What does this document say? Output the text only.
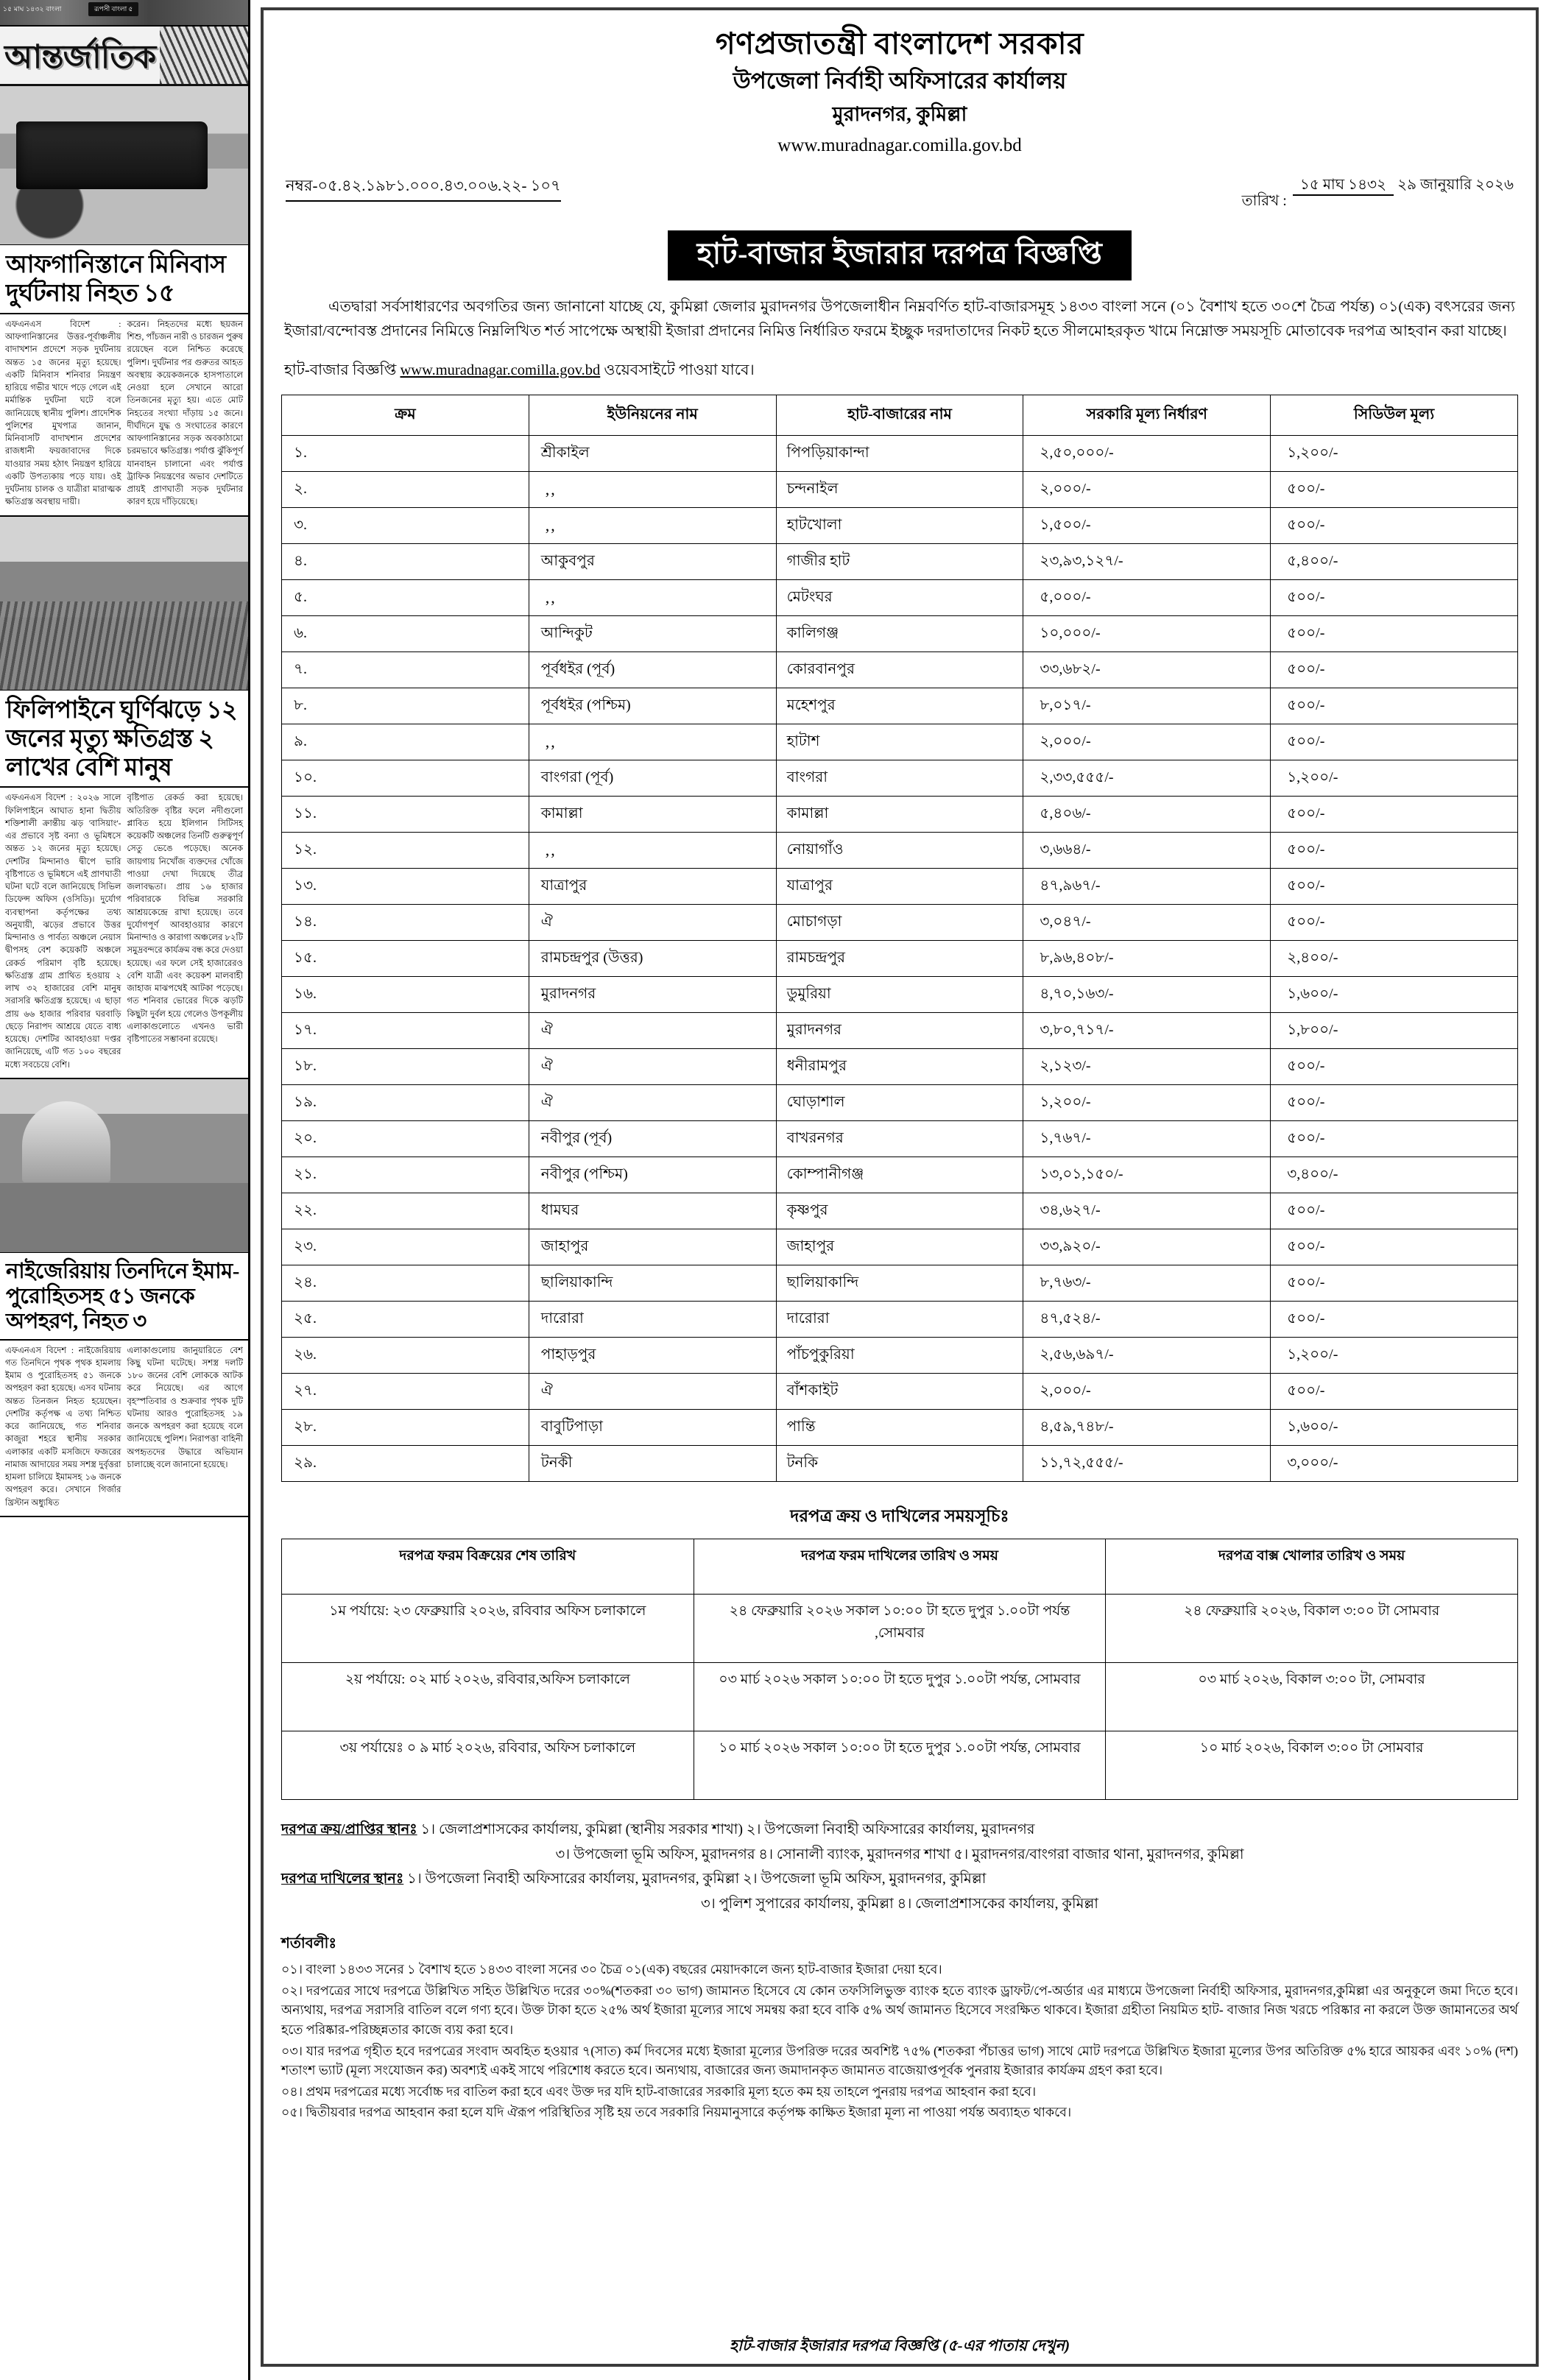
১৫ মাঘ ১৪৩২ বাংলা	রূপসী বাংলা ৫
আন্তর্জাতিক
আফগানিস্তানে মিনিবাস দুর্ঘটনায় নিহত ১৫
এফএনএস বিদেশ : আফগানিস্তানের উত্তর-পূর্বাঞ্চলীয় বাদাখশান প্রদেশে সড়ক দুর্ঘটনায় অন্তত ১৫ জনের মৃত্যু হয়েছে। একটি মিনিবাস শনিবার নিয়ন্ত্রণ হারিয়ে গভীর খাদে পড়ে গেলে এই মর্মান্তিক দুর্ঘটনা ঘটে বলে জানিয়েছে স্থানীয় পুলিশ। প্রাদেশিক পুলিশের মুখপাত্র জানান, মিনিবাসটি বাদাখশান প্রদেশের রাজধানী ফয়জাবাদের দিকে যাওয়ার সময় হঠাৎ নিয়ন্ত্রণ হারিয়ে একটি উপত্যকায় পড়ে যায়। ওই দুর্ঘটনায় চালক ও যাত্রীরা মারাত্মক ক্ষতিগ্রস্ত অবস্থায় দায়ী।
করেন। নিহতদের মধ্যে ছয়জন শিশু, পাঁচজন নারী ও চারজন পুরুষ রয়েছেন বলে নিশ্চিত করেছে পুলিশ। দুর্ঘটনার পর গুরুতর আহত অবস্থায় কয়েকজনকে হাসপাতালে নেওয়া হলে সেখানে আরো তিনজনের মৃত্যু হয়। এতে মোট নিহতের সংখ্যা দাঁড়ায় ১৫ জনে। দীর্ঘদিনে যুদ্ধ ও সংঘাতের কারণে আফগানিস্তানের সড়ক অবকাঠামো চরমভাবে ক্ষতিগ্রস্ত। পর্যাপ্ত ঝুঁকিপূর্ণ যানবাহন চালানো এবং পর্যাপ্ত ট্রাফিক নিয়ন্ত্রণের অভাব দেশটিতে প্রায়ই প্রাণঘাতী সড়ক দুর্ঘটনার কারণ হয়ে দাঁড়িয়েছে।
ফিলিপাইনে ঘূর্ণিঝড়ে ১২ জনের মৃত্যু ক্ষতিগ্রস্ত ২ লাখের বেশি মানুষ
এফএনএস বিদেশ : ২০২৬ সালে ফিলিপাইনে আঘাত হানা দ্বিতীয় শক্তিশালী ক্রান্তীয় ঝড় 'বাসিয়াং'-এর প্রভাবে সৃষ্ট বন্যা ও ভূমিধসে অন্তত ১২ জনের মৃত্যু হয়েছে। দেশটির মিন্দানাও দ্বীপে ভারি বৃষ্টিপাতে ও ভূমিধসে এই প্রাণঘাতী ঘটনা ঘটে বলে জানিয়েছে সিভিল ডিফেন্স অফিস (ওসিডি)। দুর্যোগ ব্যবস্থাপনা কর্তৃপক্ষের তথ্য অনুযায়ী, ঝড়ের প্রভাবে উত্তর মিন্দানাও ও পার্বত্য অঞ্চলে নেয়াস দ্বীপসহ বেশ কয়েকটি অঞ্চলে রেকর্ড পরিমাণ বৃষ্টি হয়েছে। ক্ষতিগ্রস্ত গ্রাম প্রাথিত হওয়ায় ২ লাখ ৩২ হাজারের বেশি মানুষ সরাসরি ক্ষতিগ্রস্ত হয়েছে। এ ছাড়া প্রায় ৬৬ হাজার পরিবার ঘরবাড়ি ছেড়ে নিরাপদ আশ্রয়ে যেতে বাধ্য হয়েছে। দেশটির আবহাওয়া দপ্তর জানিয়েছে, এটি গত ১০০ বছরের মধ্যে সবচেয়ে বেশি।
বৃষ্টিপাত রেকর্ড করা হয়েছে। অতিরিক্ত বৃষ্টির ফলে নদীগুলো প্লাবিত হয়ে ইলিগান সিটিসহ কয়েকটি অঞ্চলের তিনটি গুরুত্বপূর্ণ সেতু ভেঙে পড়েছে। অনেক জায়গায় নিখোঁজ ব্যক্তদের খোঁজে পাওয়া দেখা দিয়েছে তীব্র জলাবদ্ধতা। প্রায় ১৬ হাজার পরিবারকে বিভিন্ন সরকারি আশ্রয়কেন্দ্রে রাখা হয়েছে। তবে দুর্যোগপূর্ণ আবহাওয়ার কারণে মিনান্দাও ও কারাগা অঞ্চলের ৮২টি সমুদ্রবন্দরে কার্যক্রম বন্ধ করে দেওয়া হয়েছে। এর ফলে সেই হাজারেরও বেশি যাত্রী এবং কয়েকশ মালবাহী জাহাজ মাঝপথেই আটকা পড়েছে। গত শনিবার ভোরের দিকে ঝড়টি কিছুটা দুর্বল হয়ে গেলেও উপকূলীয় এলাকাগুলোতে এখনও ভারী বৃষ্টিপাতের সম্ভাবনা রয়েছে।
নাইজেরিয়ায় তিনদিনে ইমাম-পুরোহিতসহ ৫১ জনকে অপহরণ, নিহত ৩
এফএনএস বিদেশ : নাইজেরিয়ায় গত তিনদিনে পৃথক পৃথক হামলায় ইমাম ও পুরোহিতসহ ৫১ জনকে অপহরণ করা হয়েছে। এসব ঘটনায় অন্তত তিনজন নিহত হয়েছেন। দেশটির কর্তৃপক্ষ এ তথ্য নিশ্চিত করে জানিয়েছে, গত শনিবার কাজুরা শহরে স্থানীয় সরকার এলাকার একটি মসজিদে ফজরের নামাজ আদায়ের সময় সশস্ত্র দুর্বৃত্তরা হামলা চালিয়ে ইমামসহ ১৬ জনকে অপহরণ করে। সেখানে গির্জার খ্রিস্টান অধ্যুষিত
এলাকাগুলোয় জানুয়ারিতে বেশ কিছু ঘটনা ঘটেছে। সশস্ত্র দলটি ১৮০ জনের বেশি লোককে আটক করে নিয়েছে। এর আগে বৃহস্পতিবার ও শুক্রবার পৃথক দুটি ঘটনায় আরও পুরোহিতসহ ১৯ জনকে অপহরণ করা হয়েছে বলে জানিয়েছে পুলিশ। নিরাপত্তা বাহিনী অপহৃতদের উদ্ধারে অভিযান চালাচ্ছে বলে জানানো হয়েছে।
গণপ্রজাতন্ত্রী বাংলাদেশ সরকার
উপজেলা নির্বাহী অফিসারের কার্যালয়
মুরাদনগর, কুমিল্লা
www.muradnagar.comilla.gov.bd
নম্বর-০৫.৪২.১৯৮১.০০০.৪৩.০০৬.২২- ১০৭
তারিখ :
১৫ মাঘ ১৪৩২ ২৯ জানুয়ারি ২০২৬
হাট-বাজার ইজারার দরপত্র বিজ্ঞপ্তি
এতদ্বারা সর্বসাধারণের অবগতির জন্য জানানো যাচ্ছে যে, কুমিল্লা জেলার মুরাদনগর উপজেলাধীন নিম্নবর্ণিত হাট-বাজারসমূহ ১৪৩৩ বাংলা সনে (০১ বৈশাখ হতে ৩০শে চৈত্র পর্যন্ত) ০১(এক) বৎসরের জন্য ইজারা/বন্দোবস্ত প্রদানের নিমিত্তে নিম্নলিখিত শর্ত সাপেক্ষে অস্থায়ী ইজারা প্রদানের নিমিত্ত নির্ধারিত ফরমে ইচ্ছুক দরদাতাদের নিকট হতে সীলমোহরকৃত খামে নিম্নোক্ত সময়সূচি মোতাবেক দরপত্র আহবান করা যাচ্ছে।
হাট-বাজার বিজ্ঞপ্তি www.muradnagar.comilla.gov.bd ওয়েবসাইটে পাওয়া যাবে।
ক্রম	ইউনিয়নের নাম	হাট-বাজারের নাম	সরকারি মূল্য নির্ধারণ	সিডিউল মূল্য
১.	শ্রীকাইল	পিপড়িয়াকান্দা	২,৫০,০০০/-	১,২০০/-
২.	,,	চন্দনাইল	২,০০০/-	৫০০/-
৩.	,,	হাটখোলা	১,৫০০/-	৫০০/-
৪.	আকুবপুর	গাজীর হাট	২৩,৯৩,১২৭/-	৫,৪০০/-
৫.	,,	মেটংঘর	৫,০০০/-	৫০০/-
৬.	আন্দিকুট	কালিগঞ্জ	১০,০০০/-	৫০০/-
৭.	পূর্বধইর (পূর্ব)	কোরবানপুর	৩৩,৬৮২/-	৫০০/-
৮.	পূর্বধইর (পশ্চিম)	মহেশপুর	৮,০১৭/-	৫০০/-
৯.	,,	হাটাশ	২,০০০/-	৫০০/-
১০.	বাংগরা (পূর্ব)	বাংগরা	২,৩৩,৫৫৫/-	১,২০০/-
১১.	কামাল্লা	কামাল্লা	৫,৪০৬/-	৫০০/-
১২.	,,	নোয়াগাঁও	৩,৬৬৪/-	৫০০/-
১৩.	যাত্রাপুর	যাত্রাপুর	৪৭,৯৬৭/-	৫০০/-
১৪.	ঐ	মোচাগড়া	৩,০৪৭/-	৫০০/-
১৫.	রামচন্দ্রপুর (উত্তর)	রামচন্দ্রপুর	৮,৯৬,৪০৮/-	২,৪০০/-
১৬.	মুরাদনগর	ডুমুরিয়া	৪,৭০,১৬৩/-	১,৬০০/-
১৭.	ঐ	মুরাদনগর	৩,৮০,৭১৭/-	১,৮০০/-
১৮.	ঐ	ধনীরামপুর	২,১২৩/-	৫০০/-
১৯.	ঐ	ঘোড়াশাল	১,২০০/-	৫০০/-
২০.	নবীপুর (পূর্ব)	বাখরনগর	১,৭৬৭/-	৫০০/-
২১.	নবীপুর (পশ্চিম)	কোম্পানীগঞ্জ	১৩,০১,১৫০/-	৩,৪০০/-
২২.	ধামঘর	কৃষ্ণপুর	৩৪,৬২৭/-	৫০০/-
২৩.	জাহাপুর	জাহাপুর	৩৩,৯২০/-	৫০০/-
২৪.	ছালিয়াকান্দি	ছালিয়াকান্দি	৮,৭৬৩/-	৫০০/-
২৫.	দারোরা	দারোরা	৪৭,৫২৪/-	৫০০/-
২৬.	পাহাড়পুর	পাঁচপুকুরিয়া	২,৫৬,৬৯৭/-	১,২০০/-
২৭.	ঐ	বাঁশকাইট	২,০০০/-	৫০০/-
২৮.	বাবুটিপাড়া	পান্তি	৪,৫৯,৭৪৮/-	১,৬০০/-
২৯.	টনকী	টনকি	১১,৭২,৫৫৫/-	৩,০০০/-
দরপত্র ক্রয় ও দাখিলের সময়সূচিঃ
দরপত্র ফরম বিক্রয়ের শেষ তারিখ	দরপত্র ফরম দাখিলের তারিখ ও সময়	দরপত্র বাক্স খোলার তারিখ ও সময়
১ম পর্যায়ে: ২৩ ফেব্রুয়ারি ২০২৬, রবিবার অফিস চলাকালে	২৪ ফেব্রুয়ারি ২০২৬ সকাল ১০:০০ টা হতে দুপুর ১.০০টা পর্যন্ত ,সোমবার	২৪ ফেব্রুয়ারি ২০২৬, বিকাল ৩:০০ টা সোমবার
২য় পর্যায়ে: ০২ মার্চ ২০২৬, রবিবার,অফিস চলাকালে	০৩ মার্চ ২০২৬ সকাল ১০:০০ টা হতে দুপুর ১.০০টা পর্যন্ত, সোমবার	০৩ মার্চ ২০২৬, বিকাল ৩:০০ টা, সোমবার
৩য় পর্যায়েঃ ০ ৯ মার্চ ২০২৬, রবিবার, অফিস চলাকালে	১০ মার্চ ২০২৬ সকাল ১০:০০ টা হতে দুপুর ১.০০টা পর্যন্ত, সোমবার	১০ মার্চ ২০২৬, বিকাল ৩:০০ টা সোমবার
দরপত্র ক্রয়/প্রাপ্তির স্থানঃ ১। জেলাপ্রশাসকের কার্যালয়, কুমিল্লা (স্থানীয় সরকার শাখা) ২। উপজেলা নিবাহী অফিসারের কার্যালয়, মুরাদনগর
৩। উপজেলা ভূমি অফিস, মুরাদনগর ৪। সোনালী ব্যাংক, মুরাদনগর শাখা ৫। মুরাদনগর/বাংগরা বাজার থানা, মুরাদনগর, কুমিল্লা
দরপত্র দাখিলের স্থানঃ ১। উপজেলা নিবাহী অফিসারের কার্যালয়, মুরাদনগর, কুমিল্লা ২। উপজেলা ভূমি অফিস, মুরাদনগর, কুমিল্লা
৩। পুলিশ সুপারের কার্যালয়, কুমিল্লা ৪। জেলাপ্রশাসকের কার্যালয়, কুমিল্লা
শর্তাবলীঃ

০১। বাংলা ১৪৩৩ সনের ১ বৈশাখ হতে ১৪৩৩ বাংলা সনের ৩০ চৈত্র ০১(এক) বছরের মেয়াদকালে জন্য হাট-বাজার ইজারা দেয়া হবে।

০২। দরপত্রের সাথে দরপত্রে উল্লিখিত সহিত উল্লিখিত দরের ৩০%(শতকরা ৩০ ভাগ) জামানত হিসেবে যে কোন তফসিলিভুক্ত ব্যাংক হতে ব্যাংক ড্রাফট/পে-অর্ডার এর মাধ্যমে উপজেলা নির্বাহী অফিসার, মুরাদনগর,কুমিল্লা এর অনুকূলে জমা দিতে হবে। অন্যথায়, দরপত্র সরাসরি বাতিল বলে গণ্য হবে। উক্ত টাকা হতে ২৫% অর্থ ইজারা মূল্যের সাথে সমন্বয় করা হবে বাকি ৫% অর্থ জামানত হিসেবে সংরক্ষিত থাকবে। ইজারা গ্রহীতা নিয়মিত হাট- বাজার নিজ খরচে পরিষ্কার না করলে উক্ত জামানতের অর্থ হতে পরিষ্কার-পরিচ্ছন্নতার কাজে ব্যয় করা হবে।

০৩। যার দরপত্র গৃহীত হবে দরপত্রের সংবাদ অবহিত হওয়ার ৭(সাত) কর্ম দিবসের মধ্যে ইজারা মূল্যের উপরিক্ত দরের অবশিষ্ট ৭৫% (শতকরা পঁচাত্তর ভাগ) সাথে মোট দরপত্রে উল্লিখিত ইজারা মূল্যের উপর অতিরিক্ত ৫% হারে আয়কর এবং ১০% (দশ) শতাংশ ভ্যাট (মূল্য সংযোজন কর) অবশ্যই একই সাথে পরিশোধ করতে হবে। অন্যথায়, বাজারের জন্য জমাদানকৃত জামানত বাজেয়াপ্তপূর্বক পুনরায় ইজারার কার্যক্রম গ্রহণ করা হবে।

০৪। প্রথম দরপত্রের মধ্যে সর্বোচ্চ দর বাতিল করা হবে এবং উক্ত দর যদি হাট-বাজারের সরকারি মূল্য হতে কম হয় তাহলে পুনরায় দরপত্র আহবান করা হবে।

০৫। দ্বিতীয়বার দরপত্র আহবান করা হলে যদি ঐরূপ পরিস্থিতির সৃষ্টি হয় তবে সরকারি নিয়মানুসারে কর্তৃপক্ষ কাক্ষিত ইজারা মূল্য না পাওয়া পর্যন্ত অব্যাহত থাকবে।

হাট-বাজার ইজারার দরপত্র বিজ্ঞপ্তি (৫-এর পাতায় দেখুন)
